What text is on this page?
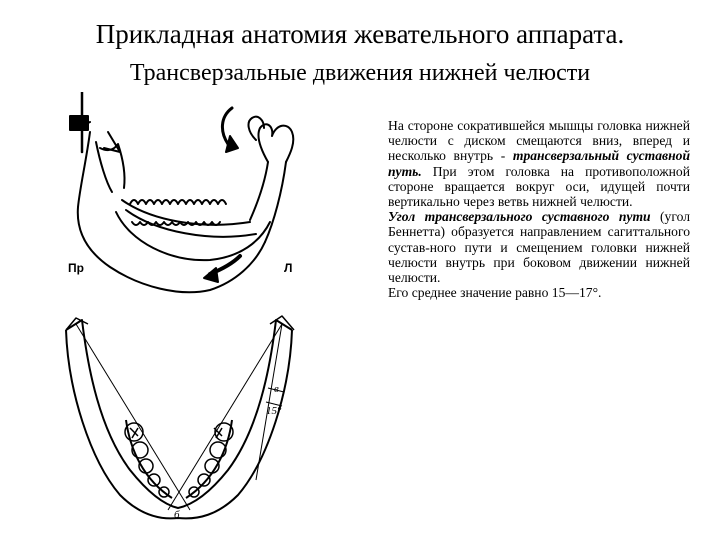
Прикладная анатомия жевательного аппарата.
Трансверзальные движения нижней челюсти
Пр	Л
в
15°
б

На стороне сократившейся мышцы головка нижней челюсти с диском смещаются вниз, вперед и несколько внутрь - трансверзальный суставной путь. При этом головка на противоположной стороне вращается вокруг оси, идущей почти вертикально через ветвь нижней челюсти.

Угол трансверзального суставного пути (угол Беннетта) образуется направлением сагиттального сустав-ного пути и смещением головки нижней челюсти внутрь при боковом движении нижней челюсти.

Его среднее значение равно 15—17°.
